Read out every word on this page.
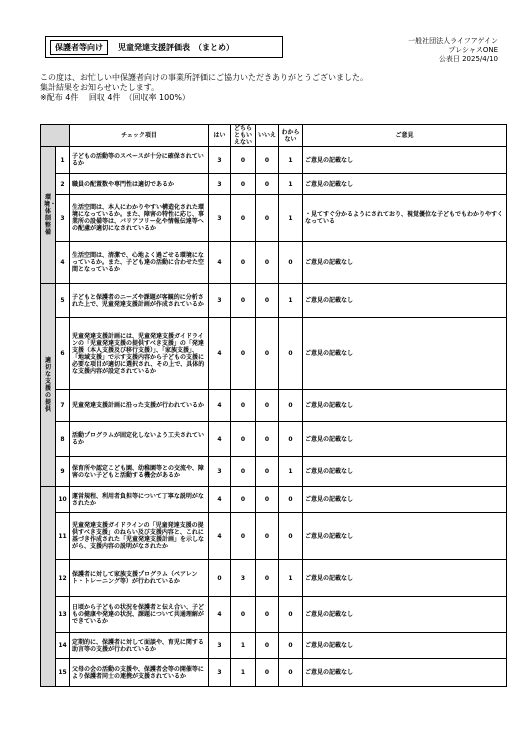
保護者等向け	児童発達支援評価表　（まとめ）
一般社団法人ライフアゲイン
プレシャスONE
公表日 2025/4/10
この度は、お忙しい中保護者向けの事業所評価にご協力いただきありがとうございました。
集計結果をお知らせいたします。
※配布 4件　 回収 4件　（回収率 100%）
		チェック項目	はい	どちらともいえない	いいえ	わからない	ご意見
環境・体制整備	1	子どもの活動等のスペースが十分に確保されているか	3	0	0	1	ご意見の記載なし
	2	職員の配置数や専門性は適切であるか	3	0	0	1	ご意見の記載なし
	3	生活空間は、本人にわかりやすい構造化された環境になっているか。また、障害の特性に応じ、事業所の設備等は、バリアフリー化や情報伝達等への配慮が適切になされているか	3	0	0	1	・見てすぐ分かるようにされており、視覚優位な子どもでもわかりやすくなっている
	4	生活空間は、清潔で、心地よく過ごせる環境になっているか。また、子ども達の活動に合わせた空間となっているか	4	0	0	0	ご意見の記載なし
適切な支援の提供	5	子どもと保護者のニーズや課題が客観的に分析された上で、児童発達支援計画が作成されているか	3	0	0	1	ご意見の記載なし
	6	児童発達支援計画には、児童発達支援ガイドラインの「児童発達支援の提供すべき支援」の「発達支援（本人支援及び移行支援）」、「家族支援」、「地域支援」で示す支援内容から子どもの支援に必要な項目が適切に選択され、その上で、具体的な支援内容が設定されているか	4	0	0	0	ご意見の記載なし
	7	児童発達支援計画に沿った支援が行われているか	4	0	0	0	ご意見の記載なし
	8	活動プログラムが固定化しないよう工夫されているか	4	0	0	0	ご意見の記載なし
	9	保育所や認定こども園、幼稚園等との交流や、障害のない子どもと活動する機会があるか	3	0	0	1	ご意見の記載なし
	10	運営規程、利用者負担等について丁寧な説明がなされたか	4	0	0	0	ご意見の記載なし
	11	児童発達支援ガイドラインの「児童発達支援の提供すべき支援」のねらい及び支援内容と、これに基づき作成された「児童発達支援計画」を示しながら、支援内容の説明がなされたか	4	0	0	0	ご意見の記載なし
	12	保護者に対して家族支援プログラム（ペアレント・トレーニング等）が行われているか	0	3	0	1	ご意見の記載なし
	13	日頃から子どもの状況を保護者と伝え合い、子どもの健康や発達の状況、課題について共通理解ができているか	4	0	0	0	ご意見の記載なし
	14	定期的に、保護者に対して面談や、育児に関する助言等の支援が行われているか	3	1	0	0	ご意見の記載なし
	15	父母の会の活動の支援や、保護者会等の開催等により保護者同士の連携が支援されているか	3	1	0	0	ご意見の記載なし
